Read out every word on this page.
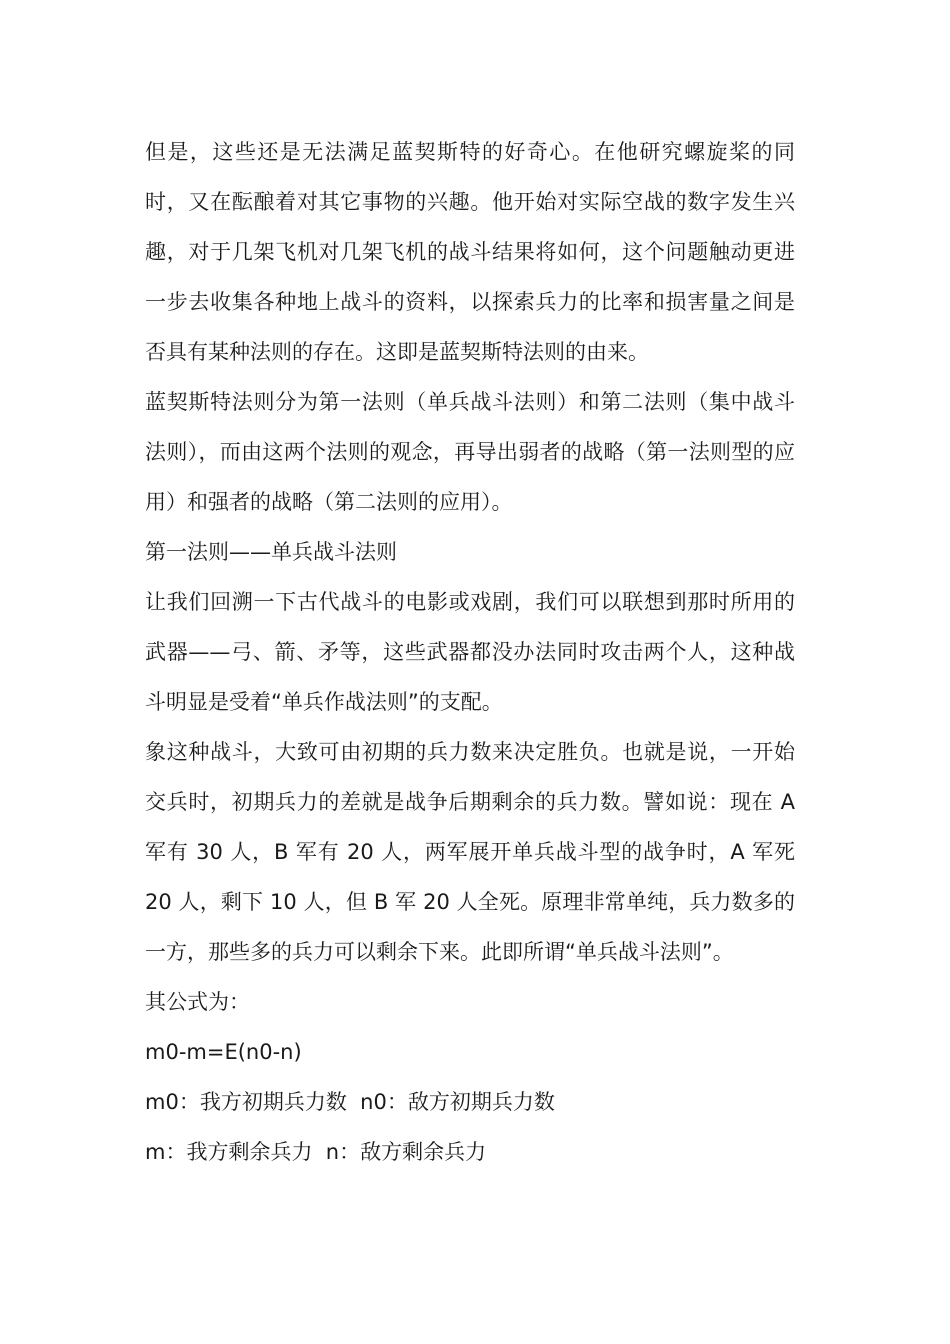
但是，这些还是无法满足蓝契斯特的好奇心。在他研究螺旋桨的同时，又在酝酿着对其它事物的兴趣。他开始对实际空战的数字发生兴趣，对于几架飞机对几架飞机的战斗结果将如何，这个问题触动更进一步去收集各种地上战斗的资料，以探索兵力的比率和损害量之间是否具有某种法则的存在。这即是蓝契斯特法则的由来。

蓝契斯特法则分为第一法则（单兵战斗法则）和第二法则（集中战斗法则），而由这两个法则的观念，再导出弱者的战略（第一法则型的应用）和强者的战略（第二法则的应用）。

第一法则——单兵战斗法则

让我们回溯一下古代战斗的电影或戏剧，我们可以联想到那时所用的武器——弓、箭、矛等，这些武器都没办法同时攻击两个人，这种战斗明显是受着“单兵作战法则”的支配。

象这种战斗，大致可由初期的兵力数来决定胜负。也就是说，一开始交兵时，初期兵力的差就是战争后期剩余的兵力数。譬如说：现在 A 军有 30 人，B 军有 20 人，两军展开单兵战斗型的战争时，A 军死 20 人，剩下 10 人，但 B 军 20 人全死。原理非常单纯，兵力数多的一方，那些多的兵力可以剩余下来。此即所谓“单兵战斗法则”。

其公式为：

m0-m=E(n0-n)

m0：我方初期兵力数  n0：敌方初期兵力数

m：我方剩余兵力  n：敌方剩余兵力
